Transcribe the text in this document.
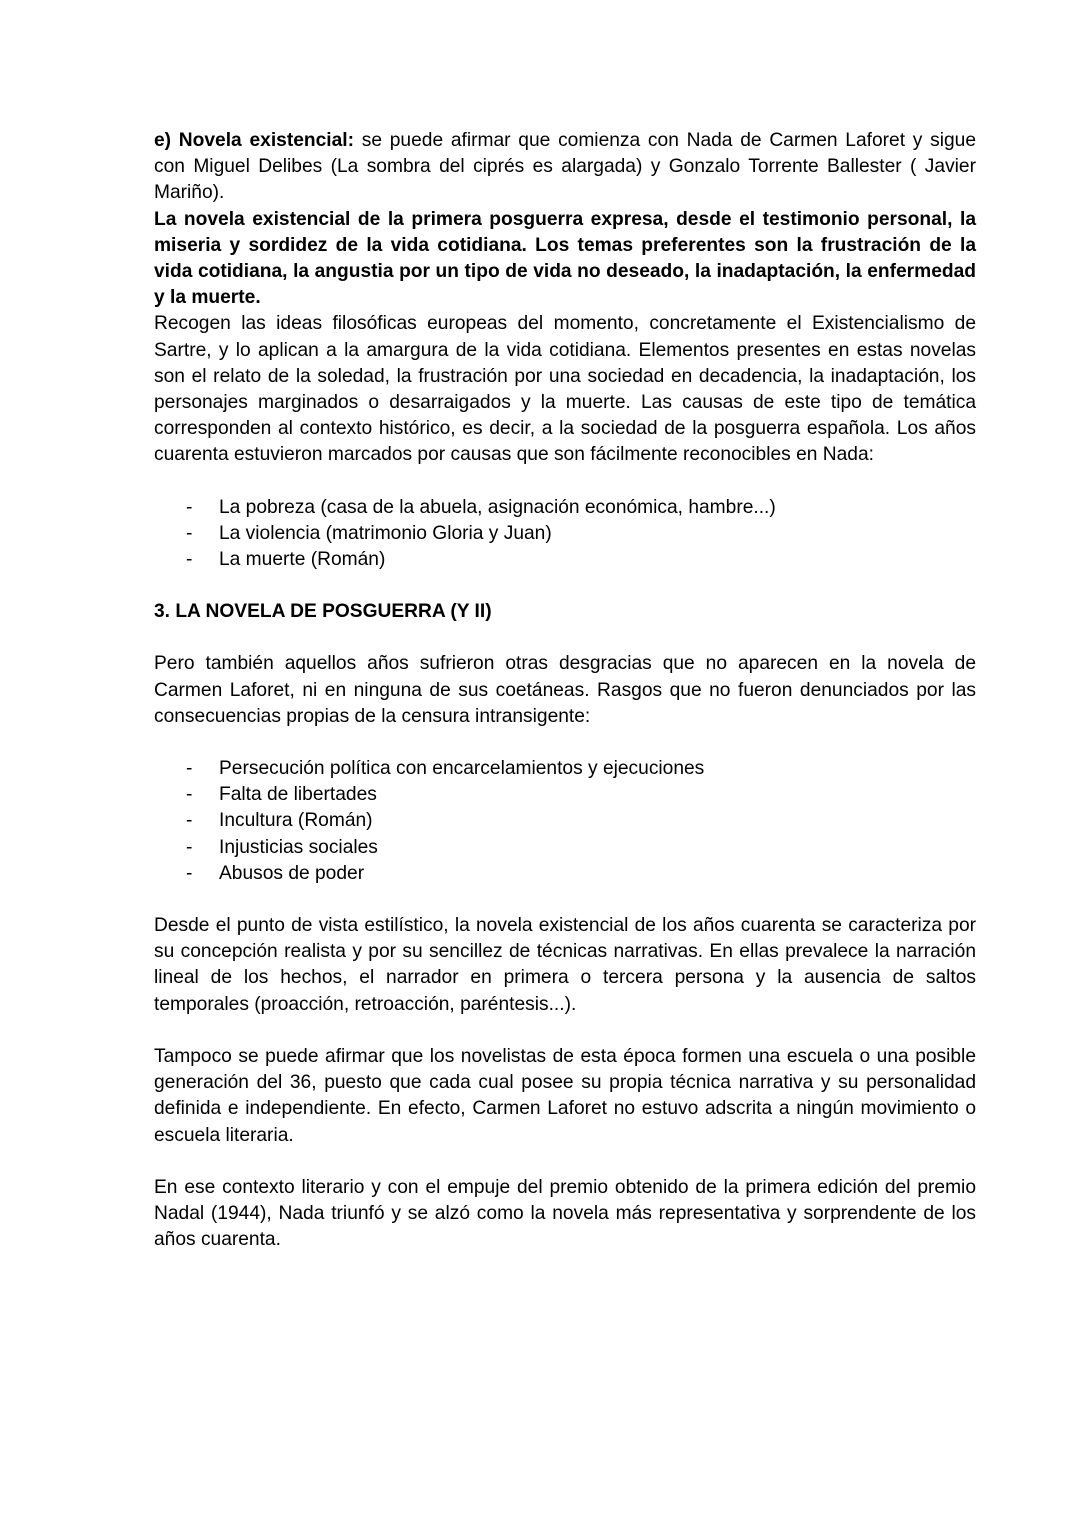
e) Novela existencial: se puede afirmar que comienza con Nada de Carmen Laforet y sigue con Miguel Delibes (La sombra del ciprés es alargada) y Gonzalo Torrente Ballester ( Javier Mariño).

La novela existencial de la primera posguerra expresa, desde el testimonio personal, la miseria y sordidez de la vida cotidiana. Los temas preferentes son la frustración de la vida cotidiana, la angustia por un tipo de vida no deseado, la inadaptación, la enfermedad y la muerte.

Recogen las ideas filosóficas europeas del momento, concretamente el Existencialismo de Sartre, y lo aplican a la amargura de la vida cotidiana. Elementos presentes en estas novelas son el relato de la soledad, la frustración por una sociedad en decadencia, la inadaptación, los personajes marginados o desarraigados y la muerte. Las causas de este tipo de temática corresponden al contexto histórico, es decir, a la sociedad de la posguerra española. Los años cuarenta estuvieron marcados por causas que son fácilmente reconocibles en Nada:

- La pobreza (casa de la abuela, asignación económica, hambre...)
- La violencia (matrimonio Gloria y Juan)
- La muerte (Román)

3. LA NOVELA DE POSGUERRA (Y II)

Pero también aquellos años sufrieron otras desgracias que no aparecen en la novela de Carmen Laforet, ni en ninguna de sus coetáneas. Rasgos que no fueron denunciados por las consecuencias propias de la censura intransigente:

- Persecución política con encarcelamientos y ejecuciones
- Falta de libertades
- Incultura (Román)
- Injusticias sociales
- Abusos de poder

Desde el punto de vista estilístico, la novela existencial de los años cuarenta se caracteriza por su concepción realista y por su sencillez de técnicas narrativas. En ellas prevalece la narración lineal de los hechos, el narrador en primera o tercera persona y la ausencia de saltos temporales (proacción, retroacción, paréntesis...).

Tampoco se puede afirmar que los novelistas de esta época formen una escuela o una posible generación del 36, puesto que cada cual posee su propia técnica narrativa y su personalidad definida e independiente. En efecto, Carmen Laforet no estuvo adscrita a ningún movimiento o escuela literaria.

En ese contexto literario y con el empuje del premio obtenido de la primera edición del premio Nadal (1944), Nada triunfó y se alzó como la novela más representativa y sorprendente de los años cuarenta.
